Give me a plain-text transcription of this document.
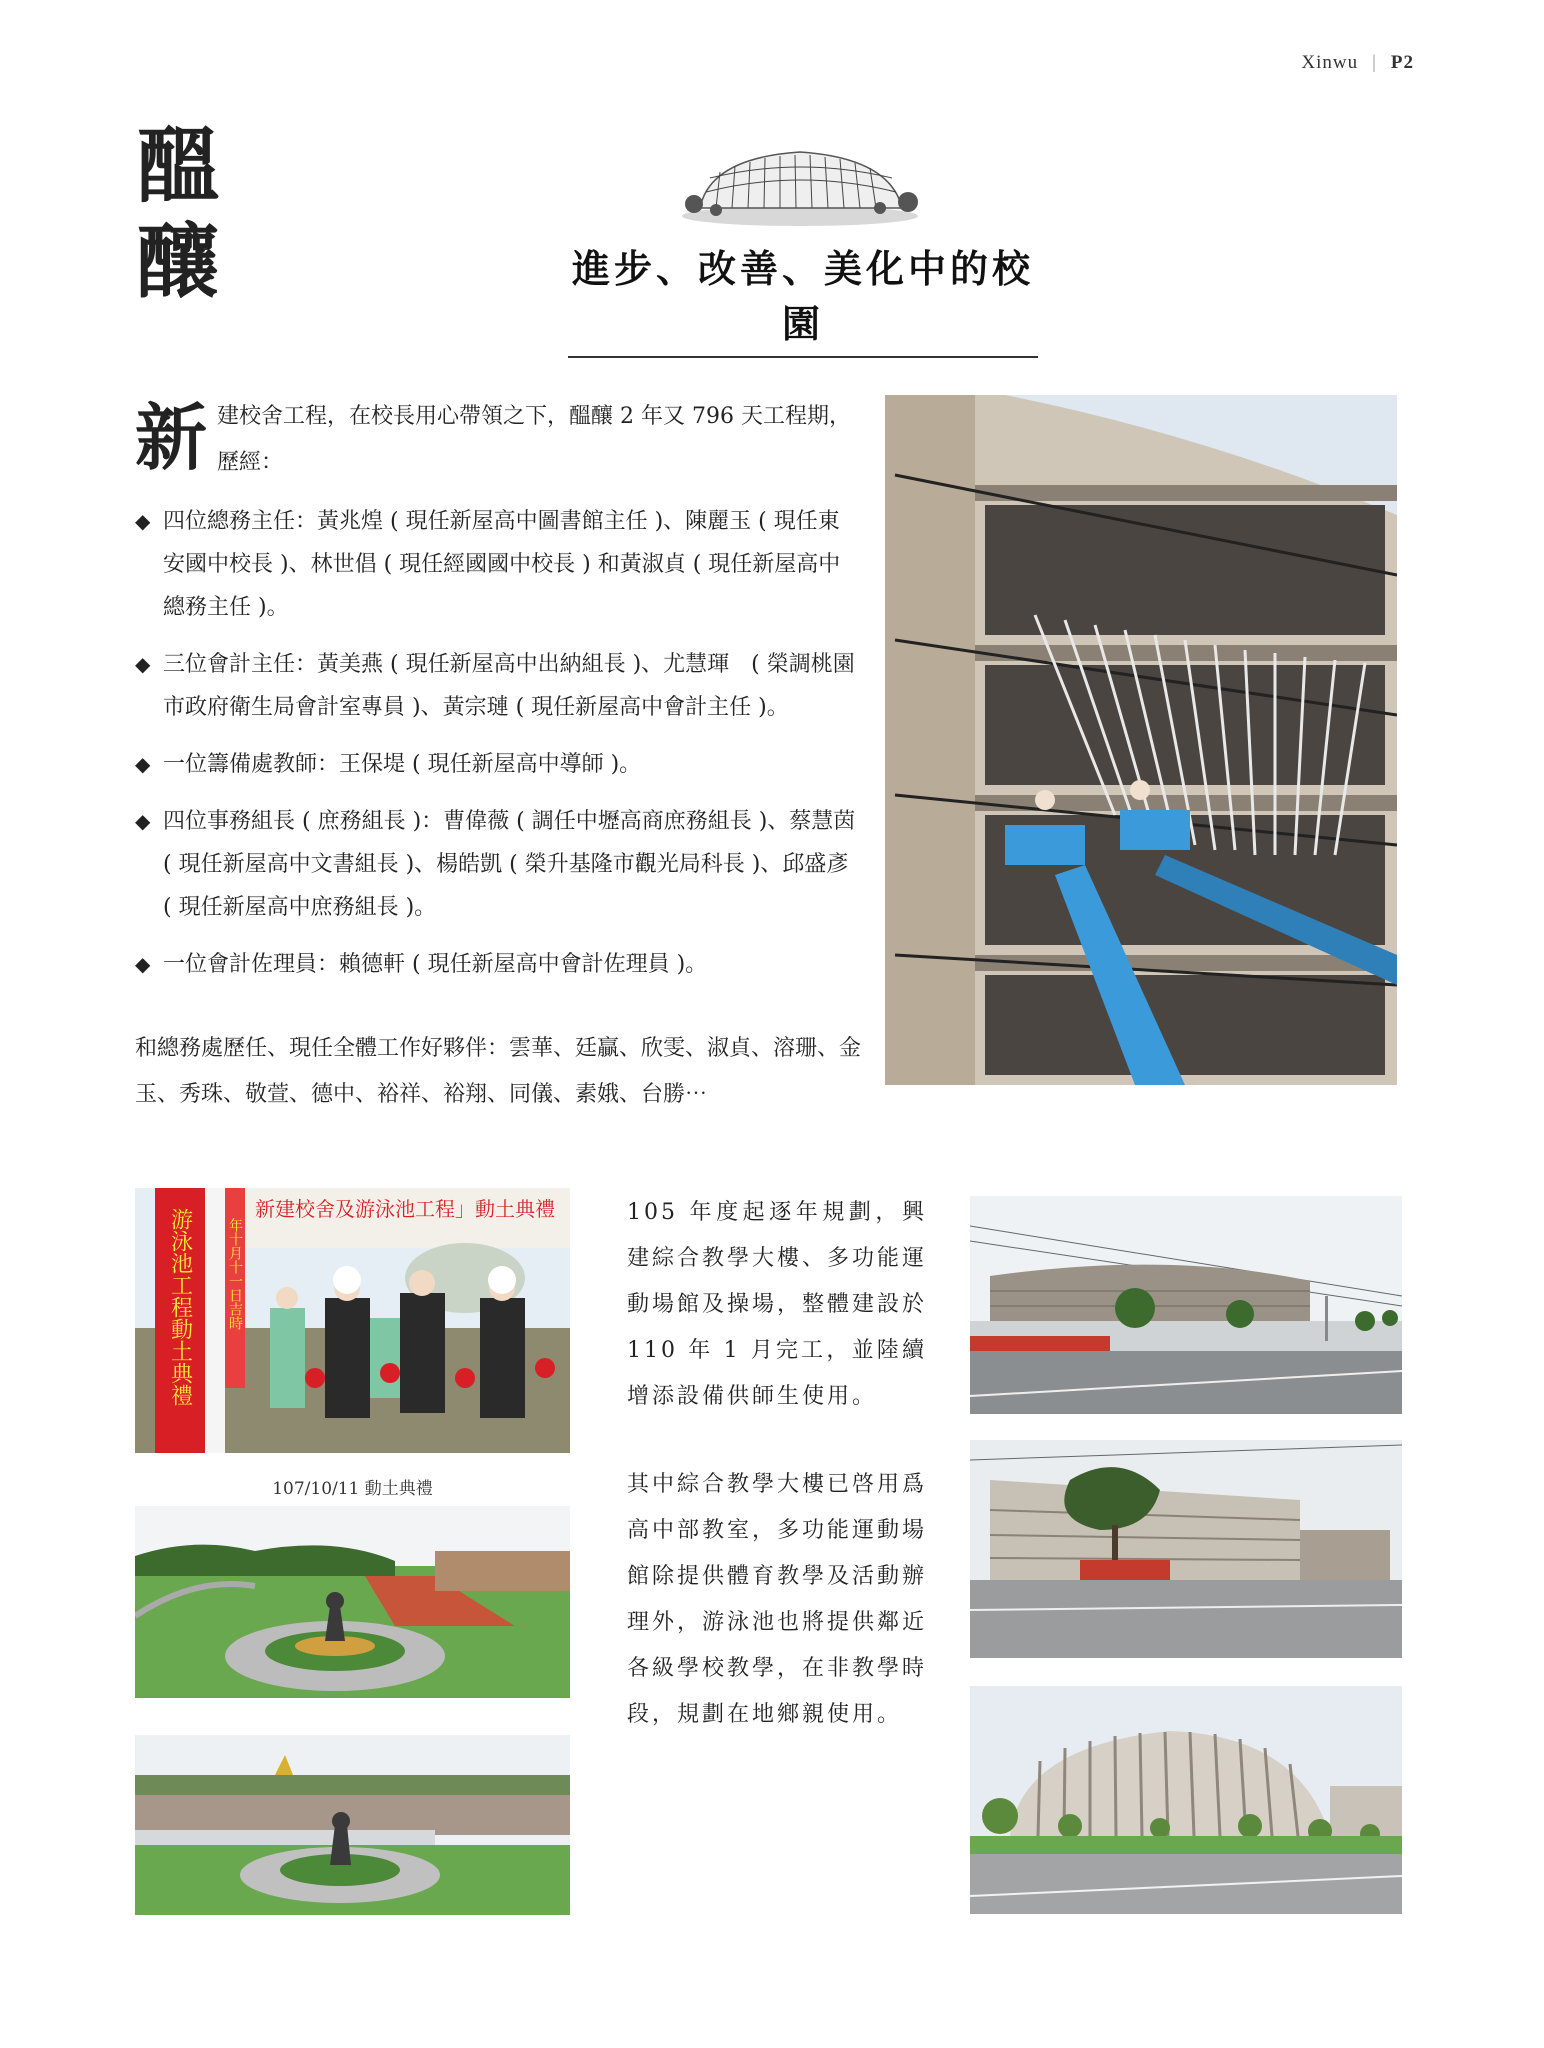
Xinwu | P2
醞
釀	進步、改善、美化中的校園
新建校舍工程，在校長用心帶領之下，醞釀 2 年又 796 天工程期，歷經：
◆ 四位總務主任：黃兆煌 ( 現任新屋高中圖書館主任 )、陳麗玉 ( 現任東安國中校長 )、林世倡 ( 現任經國國中校長 ) 和黃淑貞 ( 現任新屋高中總務主任 )。
◆ 三位會計主任：黃美燕 ( 現任新屋高中出納組長 )、尤慧琿　( 榮調桃園市政府衛生局會計室專員 )、黃宗璉 ( 現任新屋高中會計主任 )。
◆ 一位籌備處教師：王保堤 ( 現任新屋高中導師 )。
◆ 四位事務組長 ( 庶務組長 )：曹偉薇 ( 調任中壢高商庶務組長 )、蔡慧茵 ( 現任新屋高中文書組長 )、楊皓凱 ( 榮升基隆市觀光局科長 )、邱盛彥 ( 現任新屋高中庶務組長 )。
◆ 一位會計佐理員：賴德軒 ( 現任新屋高中會計佐理員 )。
和總務處歷任、現任全體工作好夥伴：雲華、廷贏、欣雯、淑貞、溶珊、金玉、秀珠、敬萱、德中、裕祥、裕翔、同儀、素娥、台勝⋯
新建校舍及游泳池工程」動土典禮
游泳池工程動土典禮 年十月十一日吉時
107/10/11 動土典禮
105 年度起逐年規劃，興建綜合教學大樓、多功能運動場館及操場，整體建設於 110 年 1 月完工，並陸續增添設備供師生使用。
其中綜合教學大樓已啓用爲高中部教室，多功能運動場館除提供體育教學及活動辦理外，游泳池也將提供鄰近各級學校教學，在非教學時段，規劃在地鄉親使用。
